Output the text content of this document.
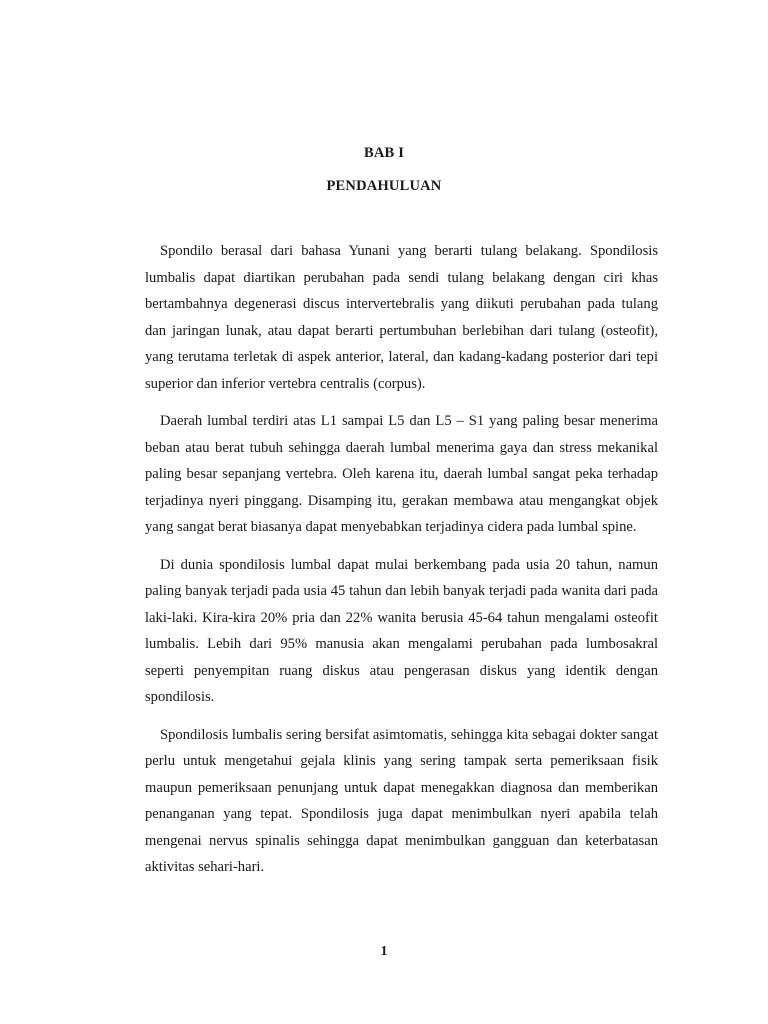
BAB I
PENDAHULUAN

Spondilo berasal dari bahasa Yunani yang berarti tulang belakang. Spondilosis lumbalis dapat diartikan perubahan pada sendi tulang belakang dengan ciri khas bertambahnya degenerasi discus intervertebralis yang diikuti perubahan pada tulang dan jaringan lunak, atau dapat berarti pertumbuhan berlebihan dari tulang (osteofit), yang terutama terletak di aspek anterior, lateral, dan kadang-kadang posterior dari tepi superior dan inferior vertebra centralis (corpus).

Daerah lumbal terdiri atas L1 sampai L5 dan L5 – S1 yang paling besar menerima beban atau berat tubuh sehingga daerah lumbal menerima gaya dan stress mekanikal paling besar sepanjang vertebra. Oleh karena itu, daerah lumbal sangat peka terhadap terjadinya nyeri pinggang. Disamping itu, gerakan membawa atau mengangkat objek yang sangat berat biasanya dapat menyebabkan terjadinya cidera pada lumbal spine.

Di dunia spondilosis lumbal dapat mulai berkembang pada usia 20 tahun, namun paling banyak terjadi pada usia 45 tahun dan lebih banyak terjadi pada wanita dari pada laki-laki. Kira-kira 20% pria dan 22% wanita berusia 45-64 tahun mengalami osteofit lumbalis. Lebih dari 95% manusia akan mengalami perubahan pada lumbosakral seperti penyempitan ruang diskus atau pengerasan diskus yang identik dengan spondilosis.

Spondilosis lumbalis sering bersifat asimtomatis, sehingga kita sebagai dokter sangat perlu untuk mengetahui gejala klinis yang sering tampak serta pemeriksaan fisik maupun pemeriksaan penunjang untuk dapat menegakkan diagnosa dan memberikan penanganan yang tepat. Spondilosis juga dapat menimbulkan nyeri apabila telah mengenai nervus spinalis sehingga dapat menimbulkan gangguan dan keterbatasan aktivitas sehari-hari.

1
